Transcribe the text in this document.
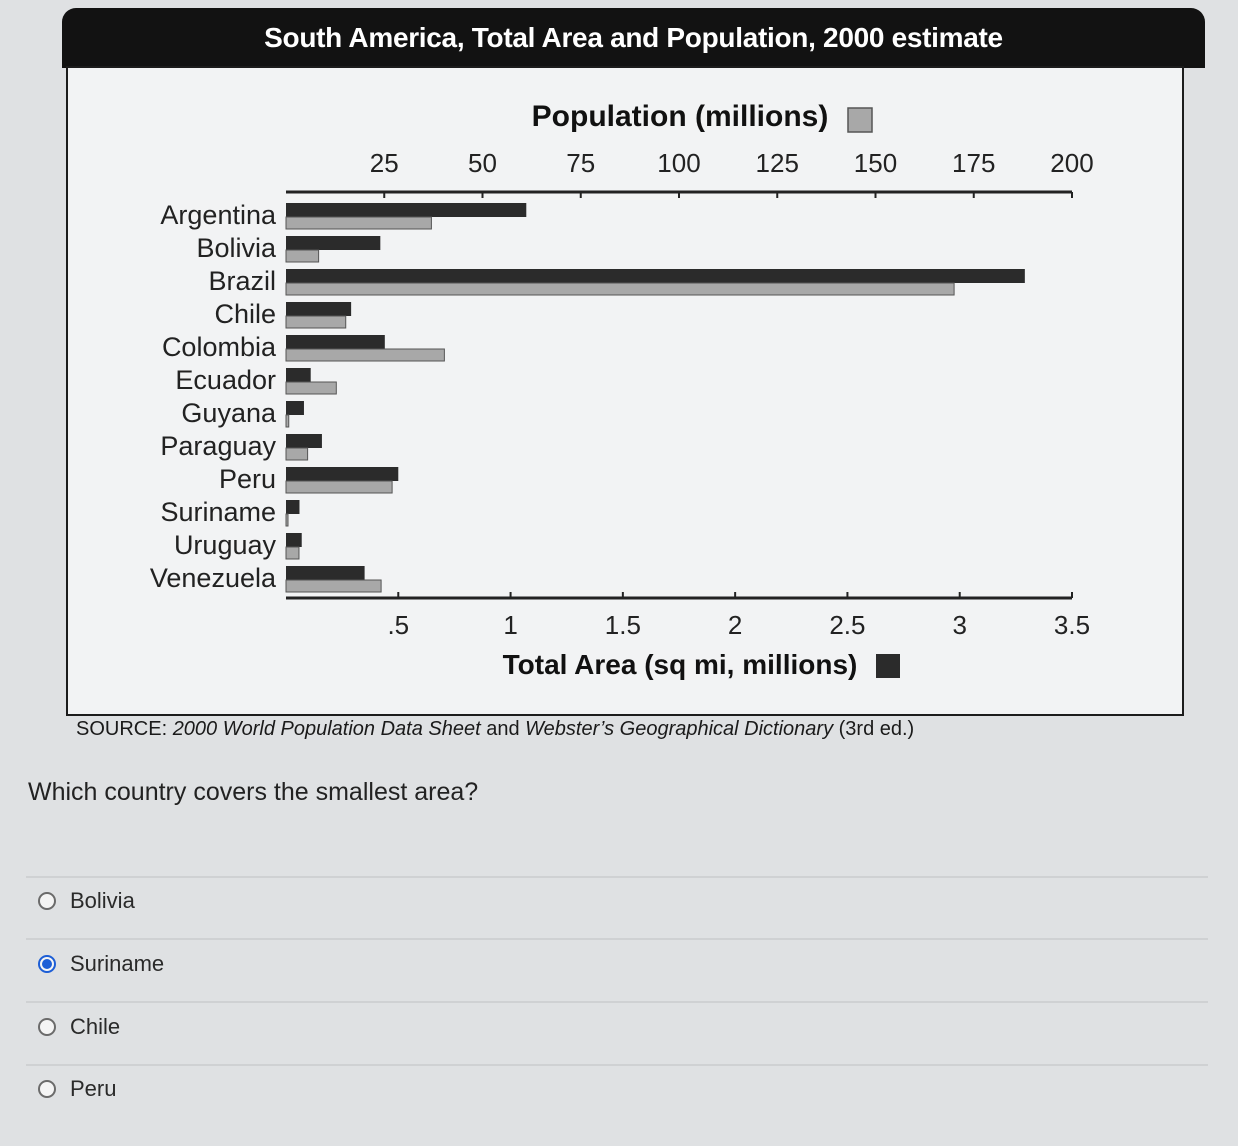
South America, Total Area and Population, 2000 estimate
Population (millions)
25	50	75 100 125 150 175 200
.5	1	1.5	2	2.5	3	3.5
Total Area (sq mi, millions)
Argentina
Bolivia
Brazil
Chile
Colombia
Ecuador
Guyana
Paraguay
Peru
Suriname
Uruguay
Venezuela
SOURCE: 2000 World Population Data Sheet and Webster’s Geographical Dictionary (3rd ed.)
Which country covers the smallest area?
Bolivia
Suriname
Chile
Peru
